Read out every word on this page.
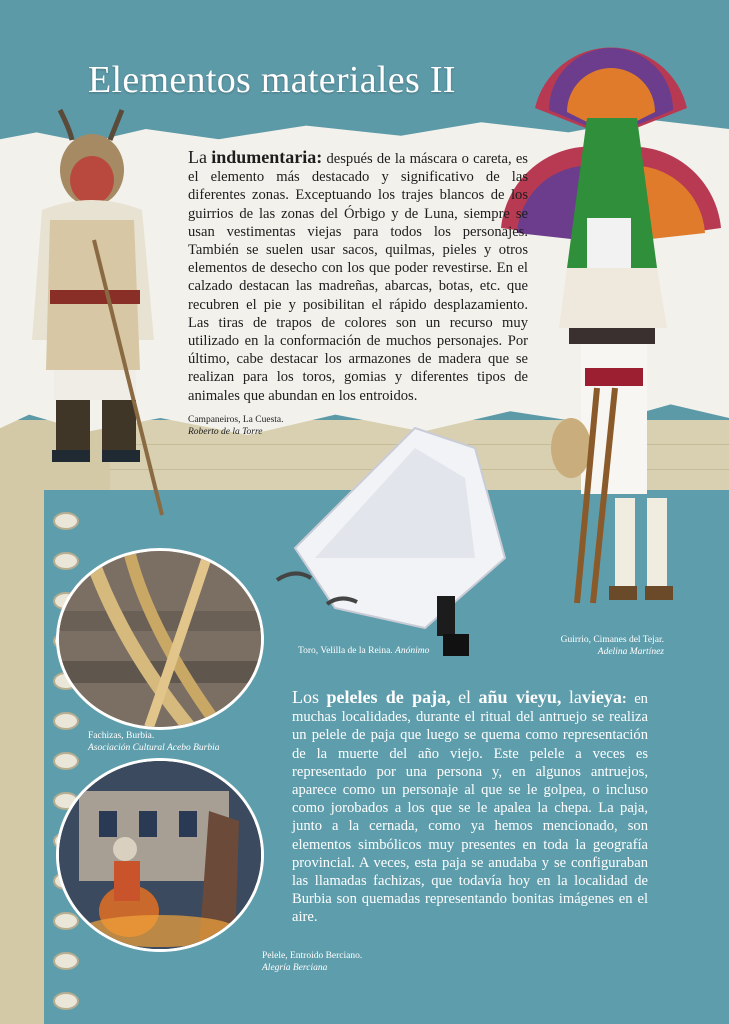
Elementos materiales II
La indumentaria: después de la máscara o careta, es el elemento más destacado y significativo de las diferentes zonas. Exceptuando los trajes blancos de los guirrios de las zonas del Órbigo y de Luna, siempre se usan vestimentas viejas para todos los personajes. También se suelen usar sacos, quilmas, pieles y otros elementos de desecho con los que poder revestirse. En el calzado destacan las madreñas, abarcas, botas, etc. que recubren el pie y posibilitan el rápido desplazamiento. Las tiras de trapos de colores son un recurso muy utilizado en la conformación de muchos personajes. Por último, cabe destacar los armazones de madera que se realizan para los toros, gomias y diferentes tipos de animales que abundan en los entroidos.
Campaneiros, La Cuesta.
Roberto de la Torre
Toro, Velilla de la Reina. Anónimo
Guirrio, Cimanes del Tejar.
Adelina Martínez
Fachizas, Burbia.
Asociación Cultural Acebo Burbia
Pelele, Entroido Berciano.
Alegría Berciana
Los peleles de paja, el añu vieyu, lavieya: en muchas localidades, durante el ritual del antruejo se realiza un pelele de paja que luego se quema como representación de la muerte del año viejo. Este pelele a veces es representado por una persona y, en algunos antruejos, aparece como un personaje al que se le golpea, o incluso como jorobados a los que se le apalea la chepa. La paja, junto a la cernada, como ya hemos mencionado, son elementos simbólicos muy presentes en toda la geografía provincial. A veces, esta paja se anudaba y se configuraban las llamadas fachizas, que todavía hoy en la localidad de Burbia son quemadas representando bonitas imágenes en el aire.
